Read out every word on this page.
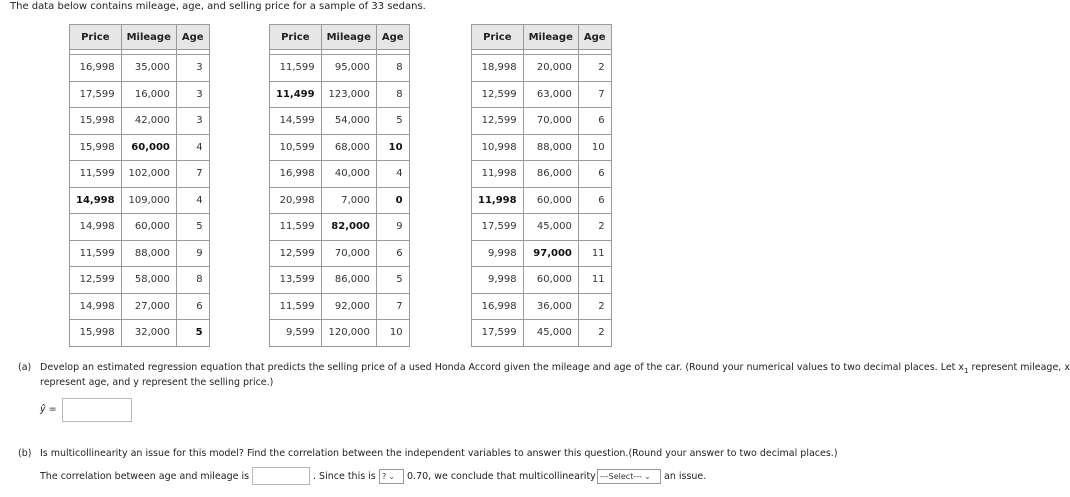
The data below contains mileage, age, and selling price for a sample of 33 sedans.
Price	Mileage	Age

16,998	35,000	3
17,599	16,000	3
15,998	42,000	3
15,998	60,000	4
11,599	102,000	7
14,998	109,000	4
14,998	60,000	5
11,599	88,000	9
12,599	58,000	8
14,998	27,000	6
15,998	32,000	5
Price	Mileage	Age

11,599	95,000	8
11,499	123,000	8
14,599	54,000	5
10,599	68,000	10
16,998	40,000	4
20,998	7,000	0
11,599	82,000	9
12,599	70,000	6
13,599	86,000	5
11,599	92,000	7
9,599	120,000	10
Price	Mileage	Age

18,998	20,000	2
12,599	63,000	7
12,599	70,000	6
10,998	88,000	10
11,998	86,000	6
11,998	60,000	6
17,599	45,000	2
9,998	97,000	11
9,998	60,000	11
16,998	36,000	2
17,599	45,000	2
(a) Develop an estimated regression equation that predicts the selling price of a used Honda Accord given the mileage and age of the car. (Round your numerical values to two decimal places. Let $x_1$ represent mileage, x
represent age, and y represent the selling price.)
ŷ =
(b) Is multicollinearity an issue for this model? Find the correlation between the independent variables to answer this question.(Round your answer to two decimal places.)
The correlation between age and mileage is	. Since this is ? ⌄	0.70, we conclude that multicollinearity ---Select--- ⌄	an issue.
